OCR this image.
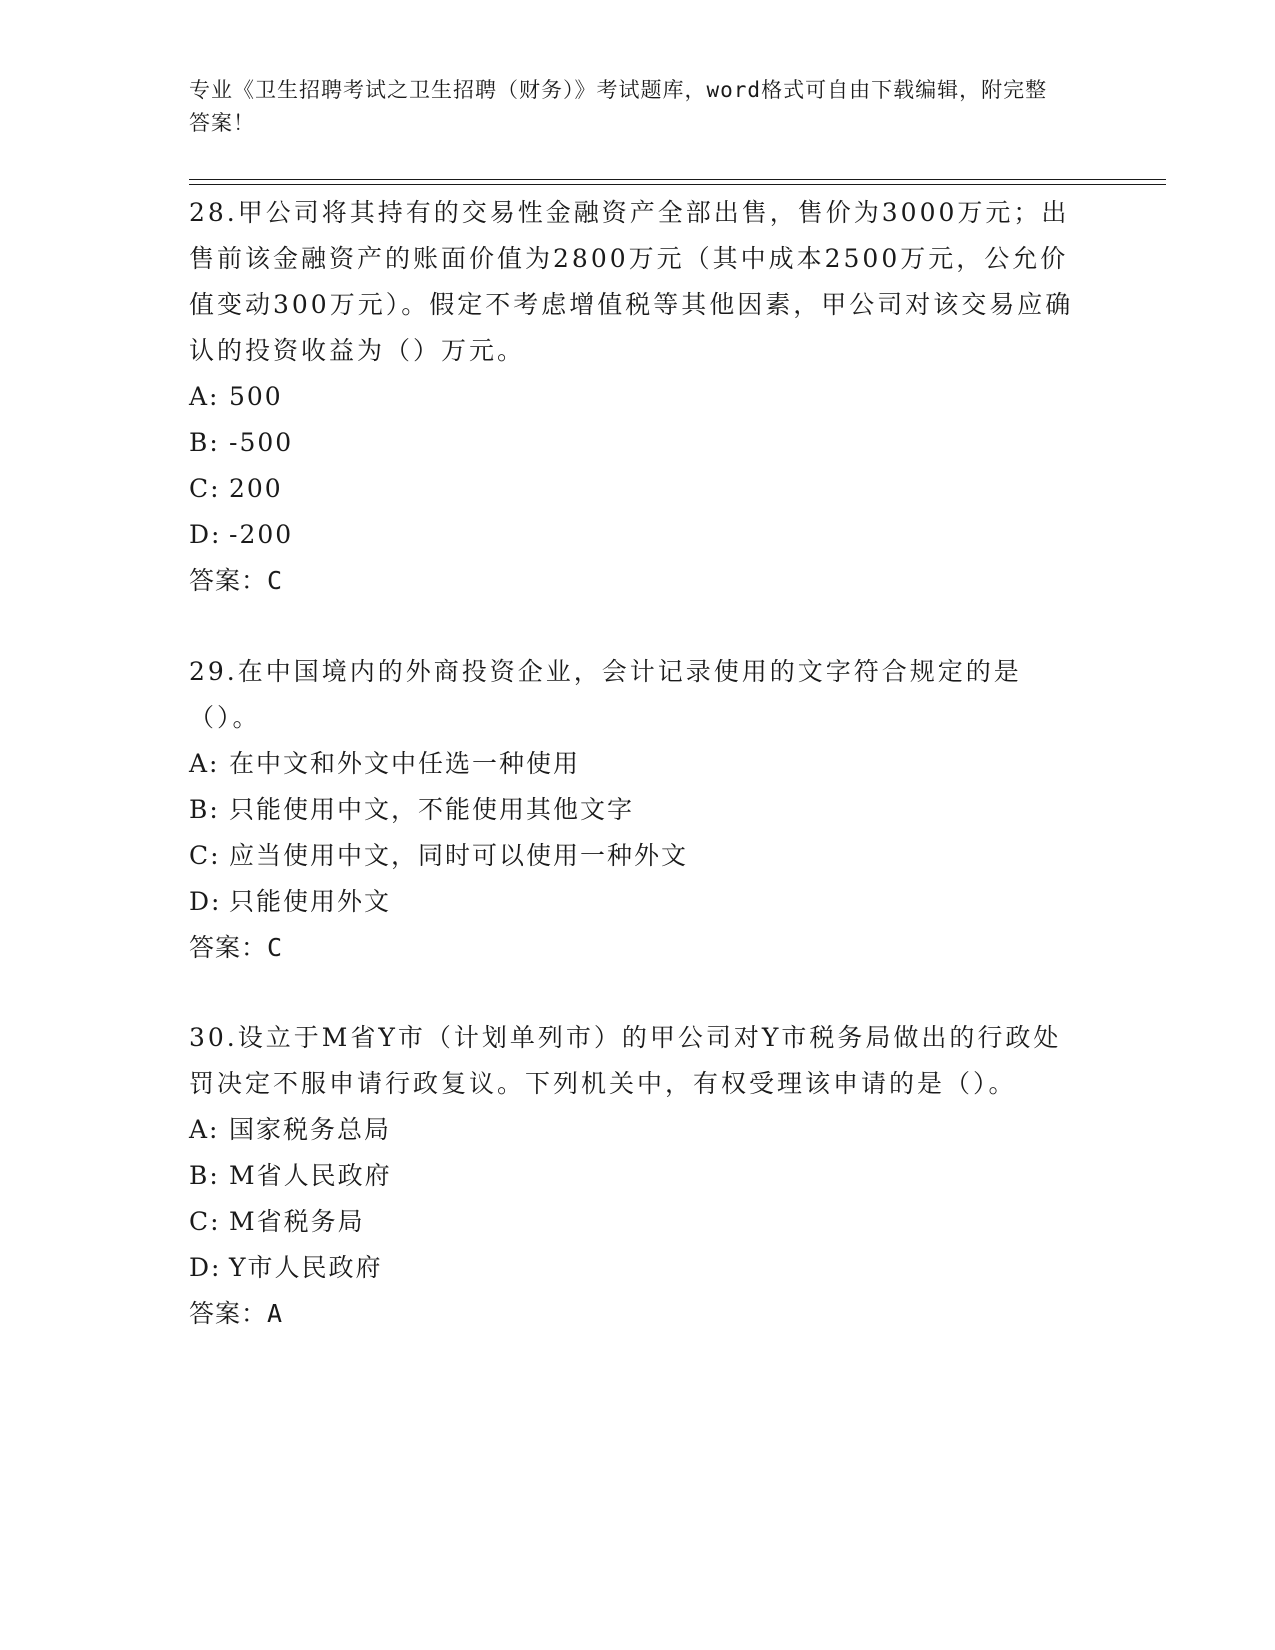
专业《卫生招聘考试之卫生招聘（财务）》考试题库，word格式可自由下载编辑，附完整答案！

28.甲公司将其持有的交易性金融资产全部出售，售价为3000万元；出售前该金融资产的账面价值为2800万元（其中成本2500万元，公允价值变动300万元）。假定不考虑增值税等其他因素，甲公司对该交易应确认的投资收益为（）万元。

A: 500
B: -500
C: 200
D: -200

答案：C

29.在中国境内的外商投资企业，会计记录使用的文字符合规定的是（）。

A: 在中文和外文中任选一种使用
B: 只能使用中文，不能使用其他文字
C: 应当使用中文，同时可以使用一种外文
D: 只能使用外文

答案：C

30.设立于M省Y市（计划单列市）的甲公司对Y市税务局做出的行政处罚决定不服申请行政复议。下列机关中，有权受理该申请的是（）。

A: 国家税务总局
B: M省人民政府
C: M省税务局
D: Y市人民政府

答案：A
